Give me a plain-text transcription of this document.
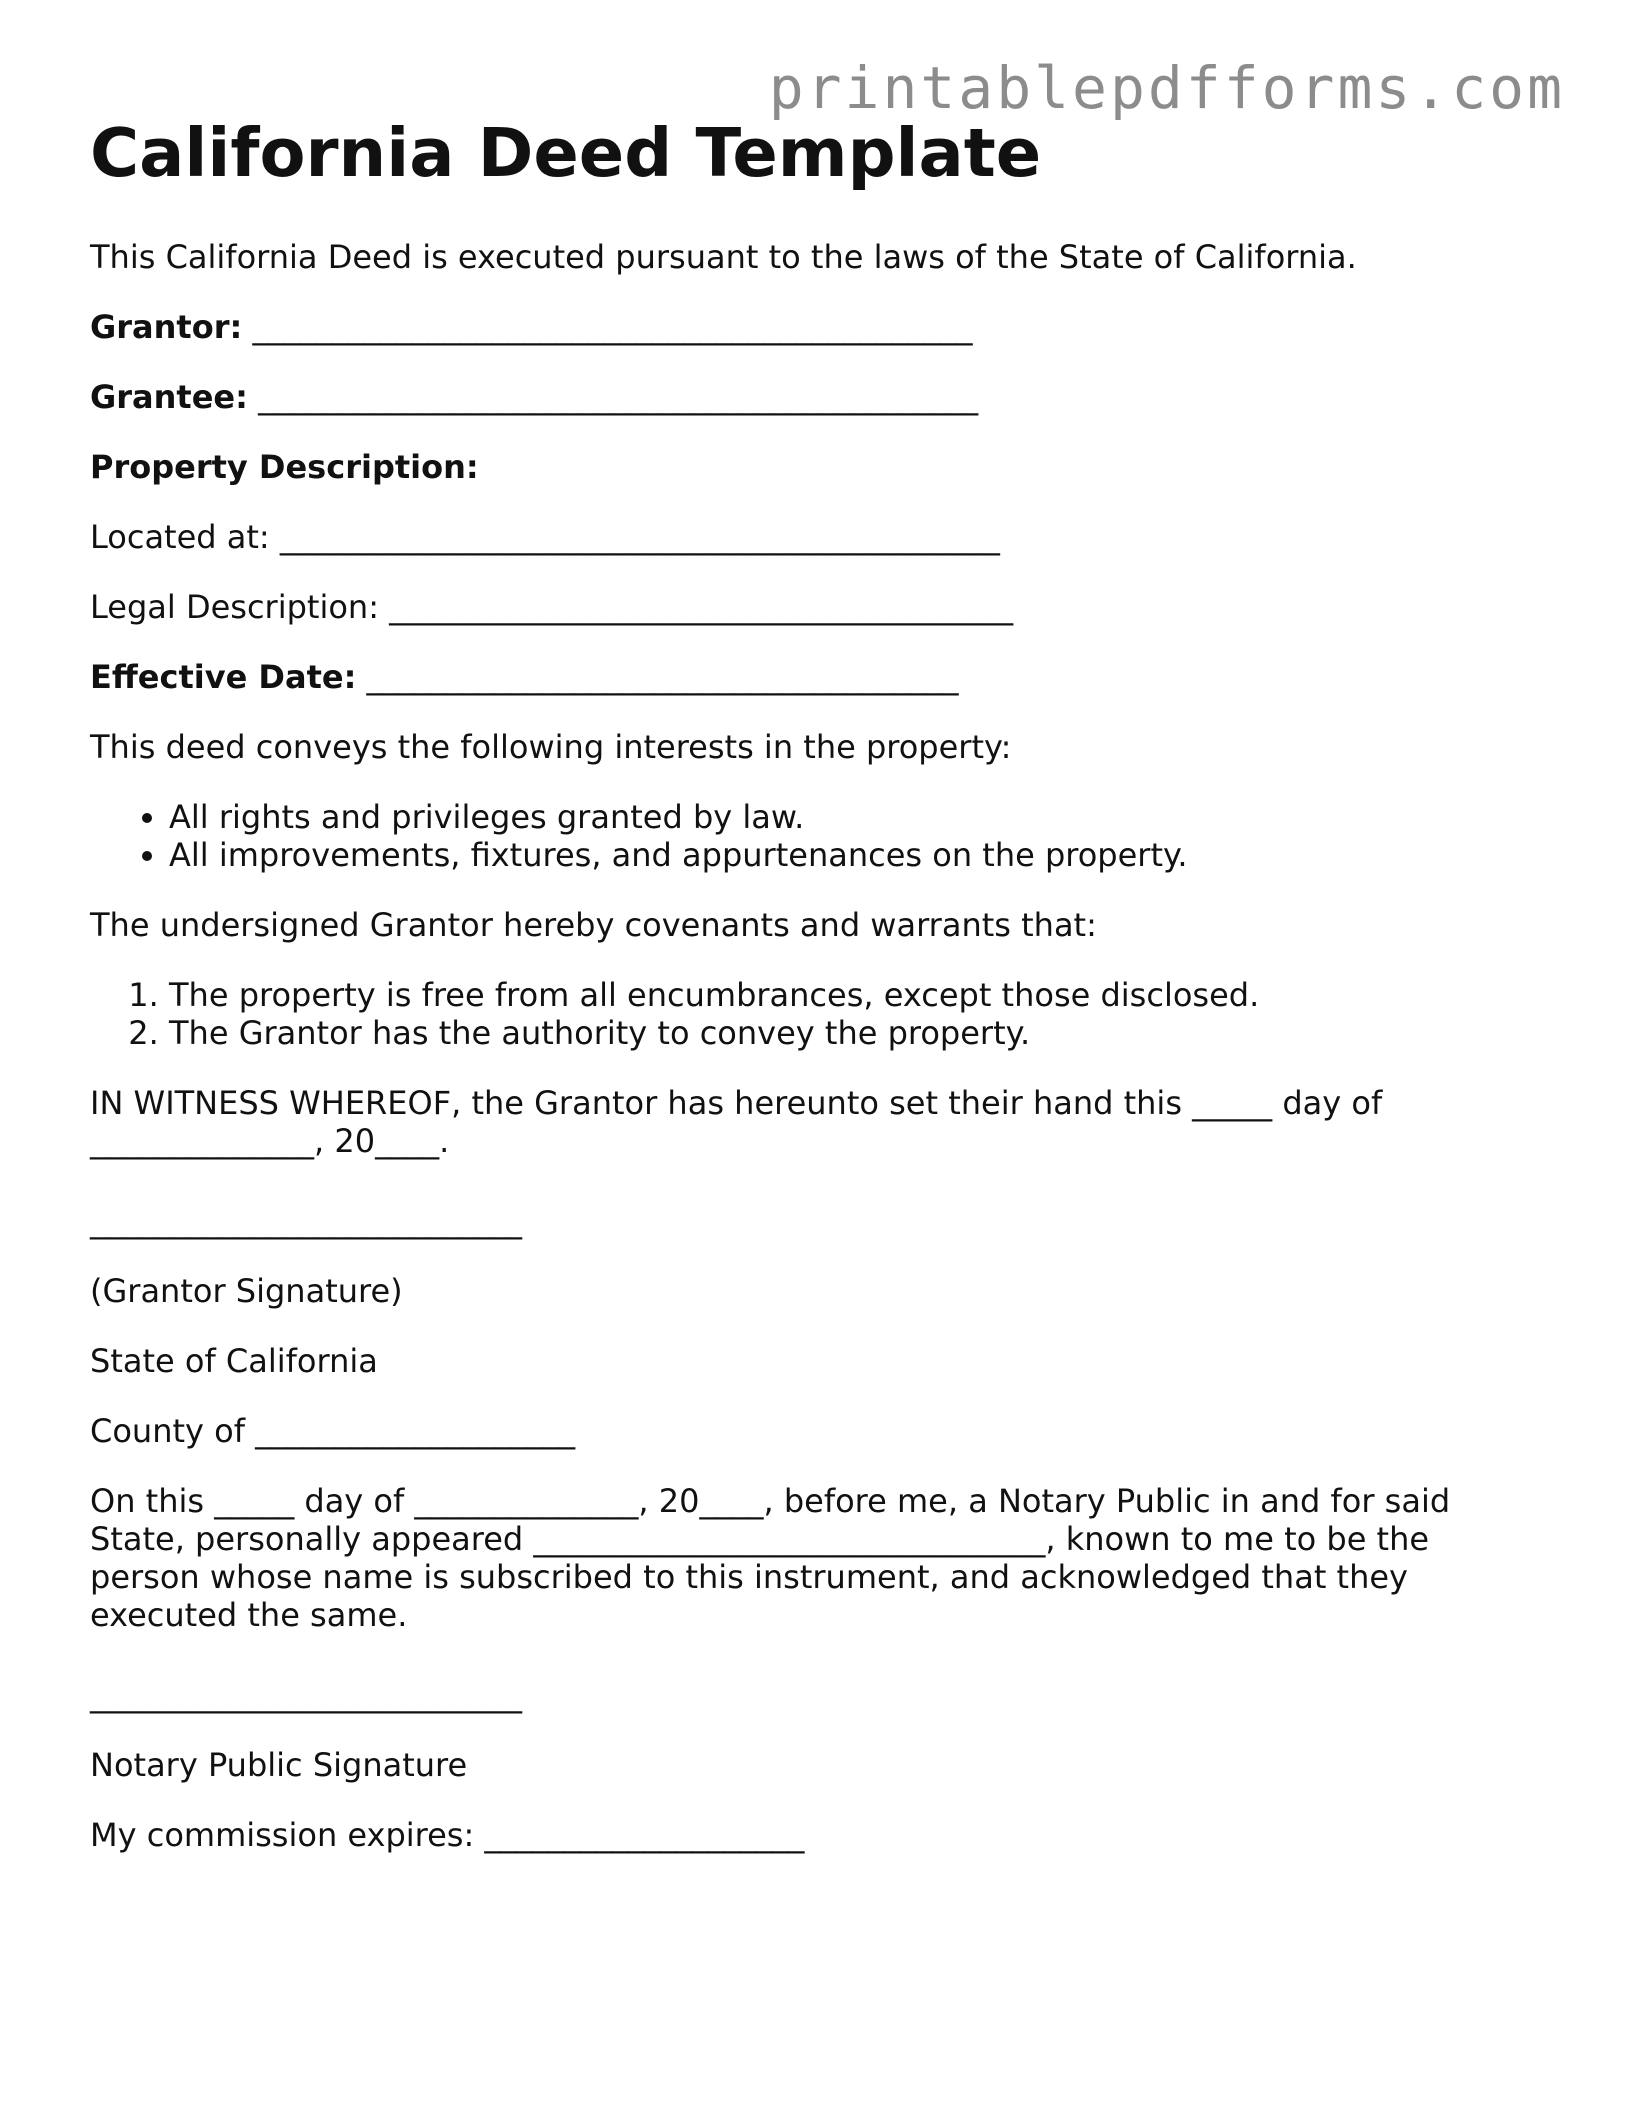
printablepdfforms.com
California Deed Template

This California Deed is executed pursuant to the laws of the State of California.

Grantor: _____________________________________________

Grantee: _____________________________________________

Property Description:

Located at: _____________________________________________

Legal Description: _______________________________________

Effective Date: _____________________________________

This deed conveys the following interests in the property:

• All rights and privileges granted by law.
• All improvements, fixtures, and appurtenances on the property.

The undersigned Grantor hereby covenants and warrants that:

1. The property is free from all encumbrances, except those disclosed.
2. The Grantor has the authority to convey the property.

IN WITNESS WHEREOF, the Grantor has hereunto set their hand this _____ day of ______________, 20____.

___________________________

(Grantor Signature)

State of California

County of ____________________

On this _____ day of ______________, 20____, before me, a Notary Public in and for said State, personally appeared ________________________________, known to me to be the person whose name is subscribed to this instrument, and acknowledged that they executed the same.

___________________________

Notary Public Signature

My commission expires: ____________________
